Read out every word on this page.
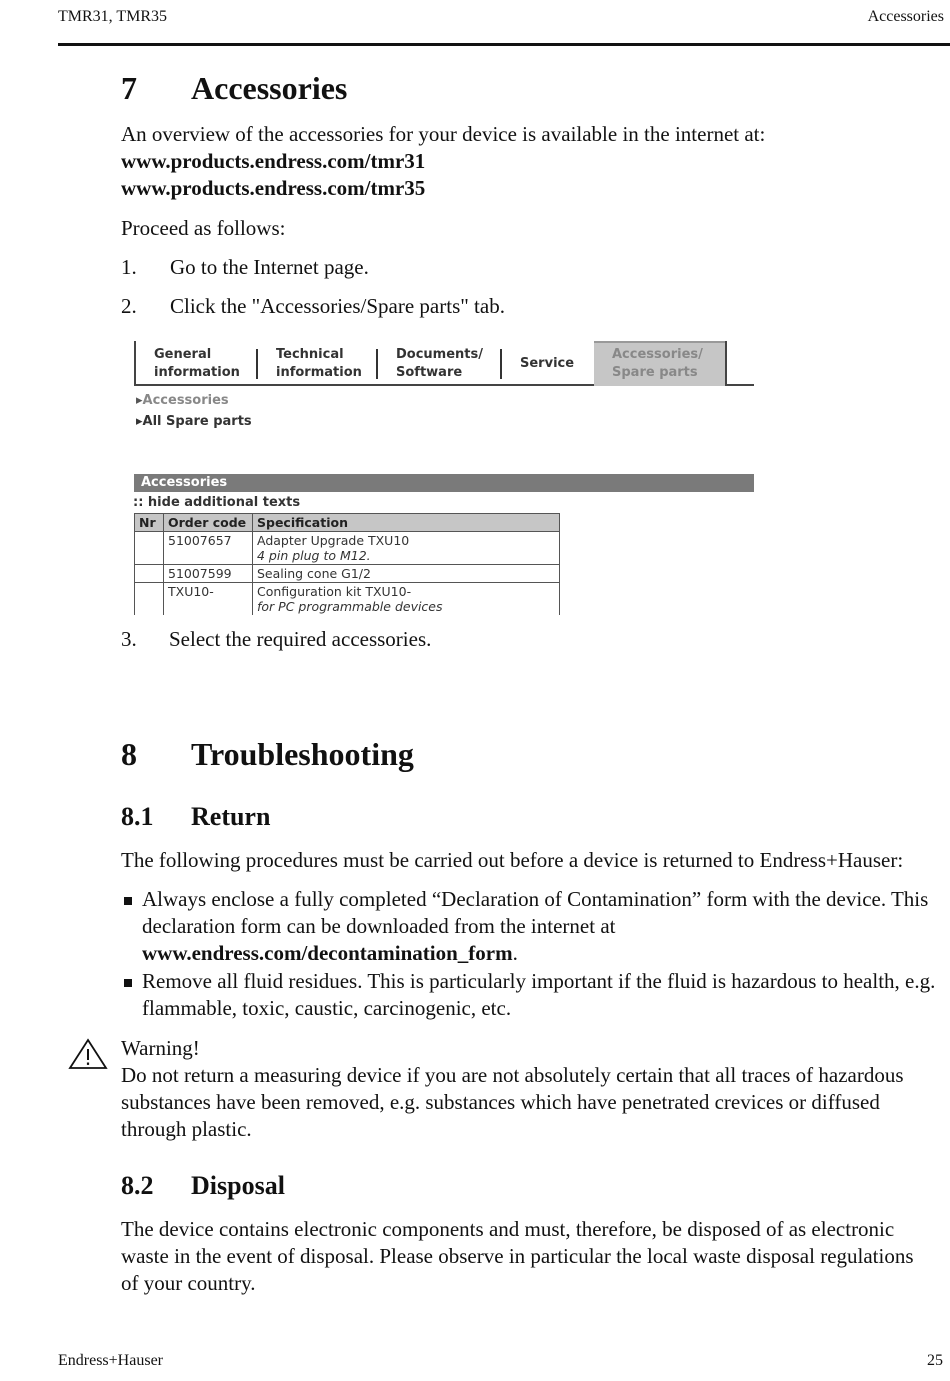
TMR31, TMR35	Accessories
7 Accessories
An overview of the accessories for your device is available in the internet at:
www.products.endress.com/tmr31
www.products.endress.com/tmr35
Proceed as follows:
1. Go to the Internet page.
2. Click the "Accessories/Spare parts" tab.
General
information
Technical
information
Documents/
Software
Service
Accessories/
Spare parts
▸Accessories
▸All Spare parts
Accessories
:: hide additional texts
Nr	Order code	Specification
	51007657	Adapter Upgrade TXU10
4 pin plug to M12.

	51007599	Sealing cone G1/2

	TXU10-	Configuration kit TXU10-
for PC programmable devices
3. Select the required accessories.
8 Troubleshooting
8.1 Return
The following procedures must be carried out before a device is returned to Endress+Hauser:
Always enclose a fully completed “Declaration of Contamination” form with the device. This
declaration form can be downloaded from the internet at
www.endress.com/decontamination_form.
Remove all fluid residues. This is particularly important if the fluid is hazardous to health, e.g.
flammable, toxic, caustic, carcinogenic, etc.
Warning!
Do not return a measuring device if you are not absolutely certain that all traces of hazardous
substances have been removed, e.g. substances which have penetrated crevices or diffused
through plastic.
8.2 Disposal
The device contains electronic components and must, therefore, be disposed of as electronic
waste in the event of disposal. Please observe in particular the local waste disposal regulations
of your country.
Endress+Hauser	25
